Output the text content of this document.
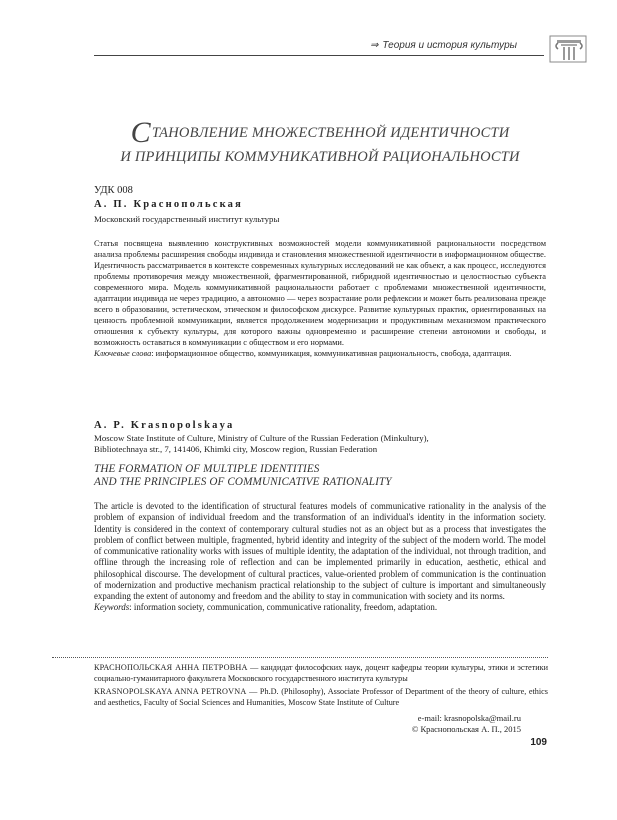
⇒ Теория и история культуры
СТАНОВЛЕНИЕ МНОЖЕСТВЕННОЙ ИДЕНТИЧНОСТИ
И ПРИНЦИПЫ КОММУНИКАТИВНОЙ РАЦИОНАЛЬНОСТИ
УДК 008
А. П. Краснопольская
Московский государственный институт культуры
Статья посвящена выявлению конструктивных возможностей модели коммуникативной рациональности посредством анализа проблемы расширения свободы индивида и становления множественной идентичности в информационном обществе. Идентичность рассматривается в контексте современных культурных исследований не как объект, а как процесс, исследуются проблемы противоречия между множественной, фрагментированной, гибридной идентичностью и целостностью субъекта современного мира. Модель коммуникативной рациональности работает с проблемами множественной идентичности, адаптации индивида не через традицию, а автономно — через возрастание роли рефлексии и может быть реализована прежде всего в образовании, эстетическом, этическом и философском дискурсе. Развитие культурных практик, ориентированных на ценность проблемной коммуникации, является продолжением модернизации и продуктивным механизмом практического отношения к субъекту культуры, для которого важны одновременно и расширение степени автономии и свободы, и возможность оставаться в коммуникации с обществом и его нормами.
Ключевые слова: информационное общество, коммуникация, коммуникативная рациональность, свобода, адаптация.
A. P. Krasnopolskaya
Moscow State Institute of Culture, Ministry of Culture of the Russian Federation (Minkultury),
Bibliotechnaya str., 7, 141406, Khimki city, Moscow region, Russian Federation
THE FORMATION OF MULTIPLE IDENTITIES
AND THE PRINCIPLES OF COMMUNICATIVE RATIONALITY
The article is devoted to the identification of structural features models of communicative rationality in the analysis of the problem of expansion of individual freedom and the transformation of an individual's identity in the information society. Identity is considered in the context of contemporary cultural studies not as an object but as a process that investigates the problem of conflict between multiple, fragmented, hybrid identity and integrity of the subject of the modern world. The model of communicative rationality works with issues of multiple identity, the adaptation of the individual, not through tradition, and offline through the increasing role of reflection and can be implemented primarily in education, aesthetic, ethical and philosophical discourse. The development of cultural practices, value-oriented problem of communication is the continuation of modernization and productive mechanism practical relationship to the subject of culture is important and simultaneously expanding the extent of autonomy and freedom and the ability to stay in communication with society and its norms.
Keywords: information society, communication, communicative rationality, freedom, adaptation.
КРАСНОПОЛЬСКАЯ АННА ПЕТРОВНА — кандидат философских наук, доцент кафедры теории культуры, этики и эстетики социально-гуманитарного факультета Московского государственного института культуры
KRASNOPOLSKAYA ANNA PETROVNA — Ph.D. (Philosophy), Associate Professor of Department of the theory of culture, ethics and aesthetics, Faculty of Social Sciences and Humanities, Moscow State Institute of Culture
e-mail: krasnopolska@mail.ru
© Краснопольская А. П., 2015
109
